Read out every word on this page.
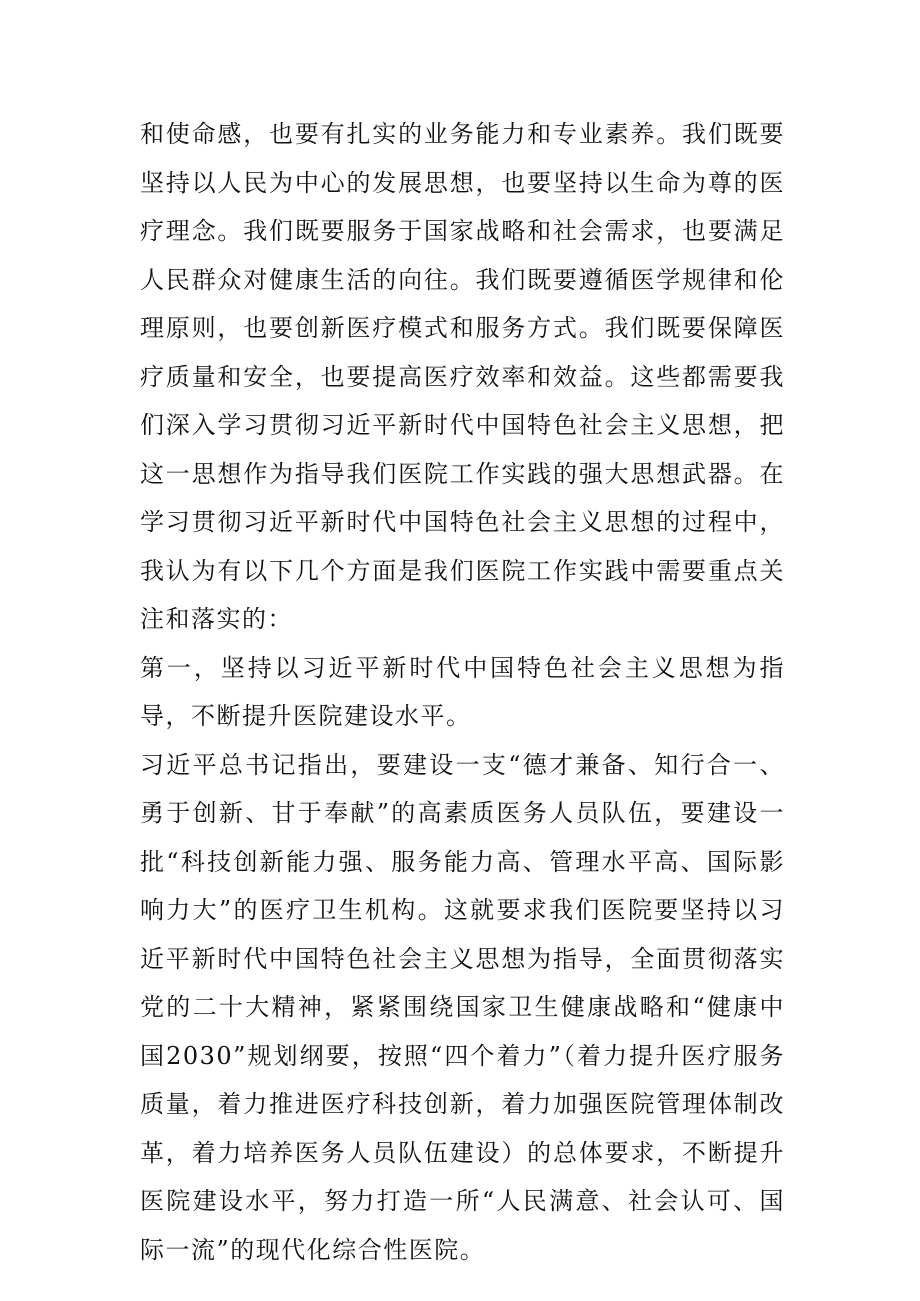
和使命感，也要有扎实的业务能力和专业素养。我们既要坚持以人民为中心的发展思想，也要坚持以生命为尊的医疗理念。我们既要服务于国家战略和社会需求，也要满足人民群众对健康生活的向往。我们既要遵循医学规律和伦理原则，也要创新医疗模式和服务方式。我们既要保障医疗质量和安全，也要提高医疗效率和效益。这些都需要我们深入学习贯彻习近平新时代中国特色社会主义思想，把这一思想作为指导我们医院工作实践的强大思想武器。在学习贯彻习近平新时代中国特色社会主义思想的过程中，我认为有以下几个方面是我们医院工作实践中需要重点关注和落实的：

第一，坚持以习近平新时代中国特色社会主义思想为指导，不断提升医院建设水平。

习近平总书记指出，要建设一支“德才兼备、知行合一、勇于创新、甘于奉献”的高素质医务人员队伍，要建设一批“科技创新能力强、服务能力高、管理水平高、国际影响力大”的医疗卫生机构。这就要求我们医院要坚持以习近平新时代中国特色社会主义思想为指导，全面贯彻落实党的二十大精神，紧紧围绕国家卫生健康战略和“健康中国2030”规划纲要，按照“四个着力”（着力提升医疗服务质量，着力推进医疗科技创新，着力加强医院管理体制改革，着力培养医务人员队伍建设）的总体要求，不断提升医院建设水平，努力打造一所“人民满意、社会认可、国际一流”的现代化综合性医院。
